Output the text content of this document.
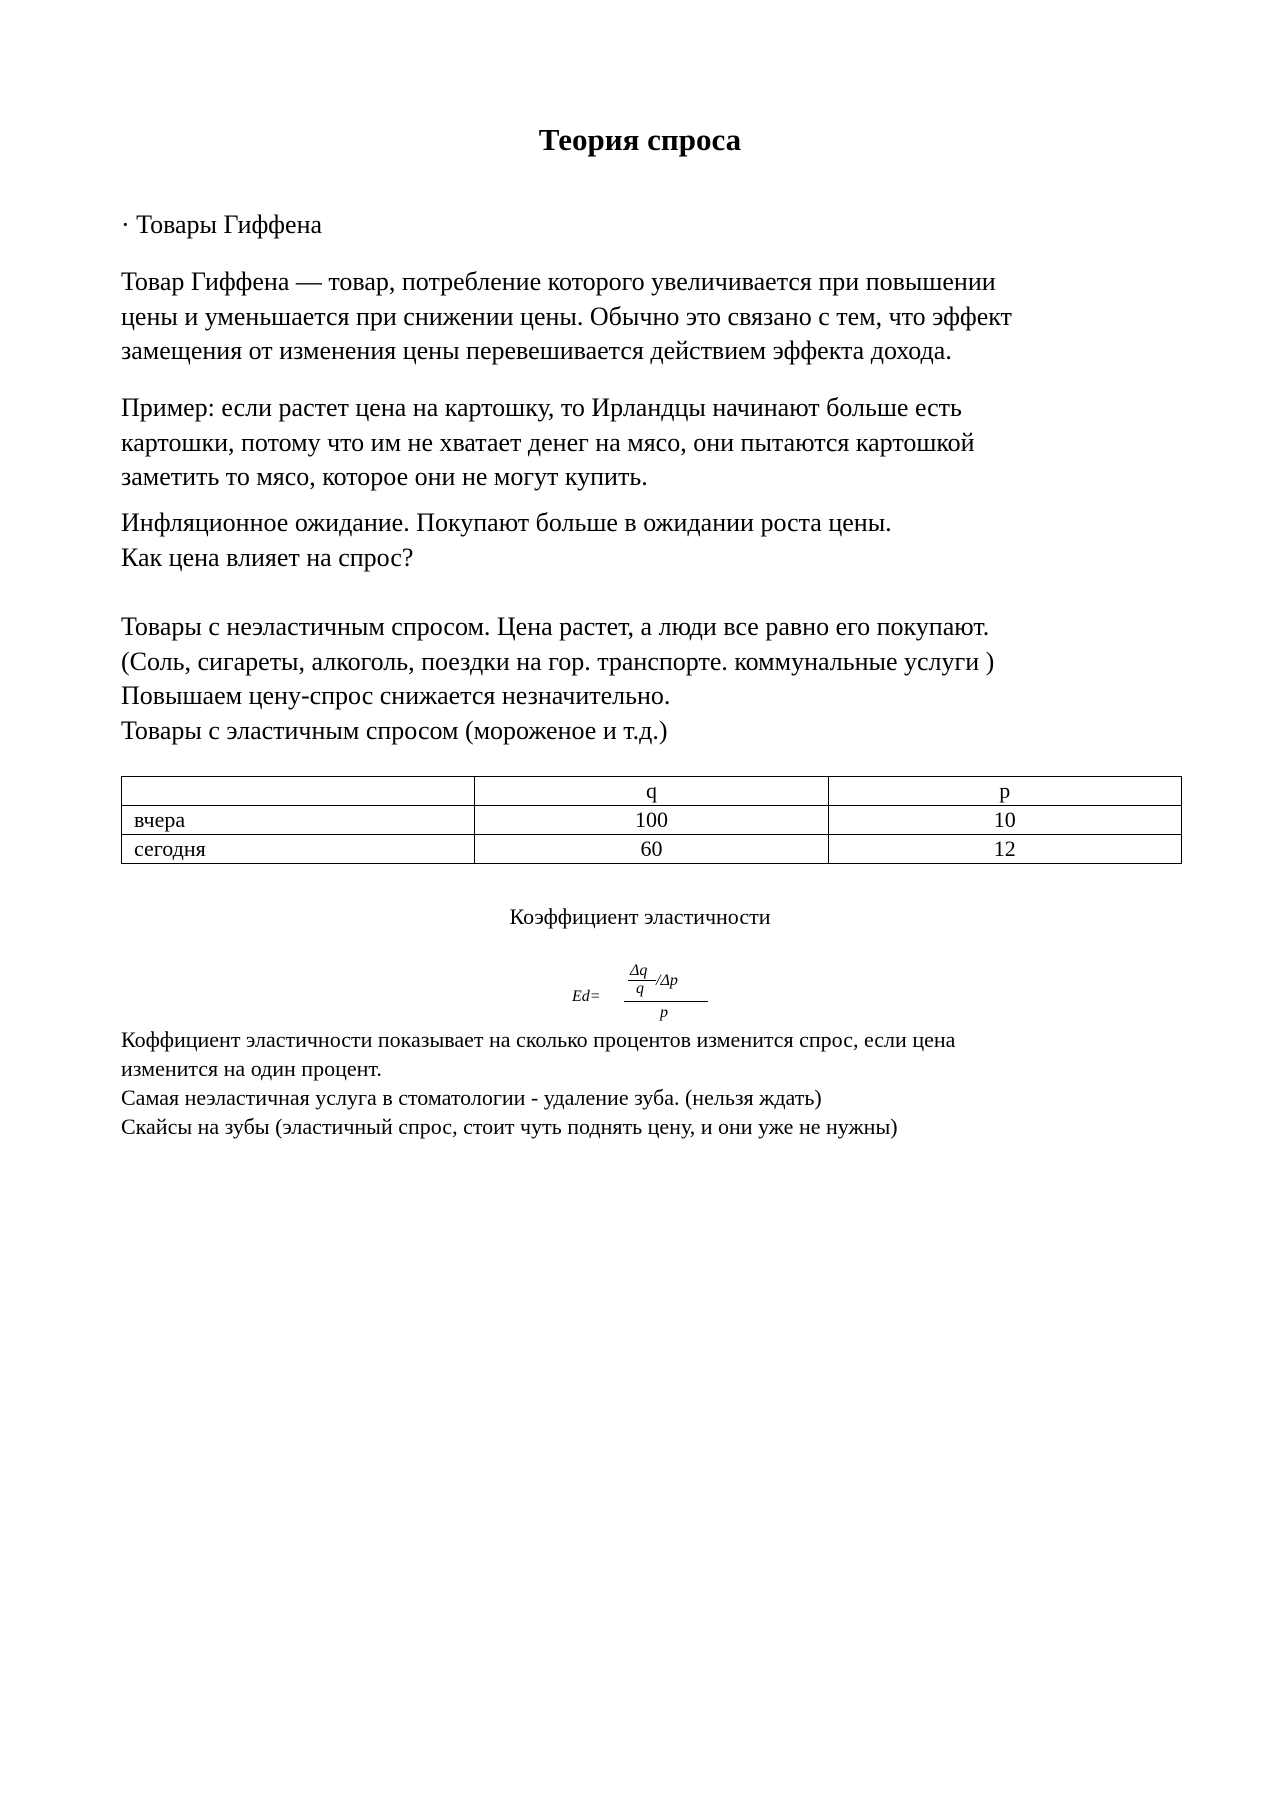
Теория спроса
· Товары Гиффена
Товар Гиффена — товар, потребление которого увеличивается при повышении
цены и уменьшается при снижении цены. Обычно это связано с тем, что эффект
замещения от изменения цены перевешивается действием эффекта дохода.
Пример: если растет цена на картошку, то Ирландцы начинают больше есть
картошки, потому что им не хватает денег на мясо, они пытаются картошкой
заметить то мясо, которое они не могут купить.
Инфляционное ожидание. Покупают больше в ожидании роста цены.
Как цена влияет на спрос?
Товары с неэластичным спросом. Цена растет, а люди все равно его покупают.
(Соль, сигареты, алкоголь, поездки на гор. транспорте. коммунальные услуги )
Повышаем цену-спрос снижается незначительно.
Товары с эластичным спросом (мороженое и т.д.)
	q	p
вчера	100	10
сегодня	60	12
Коэффициент эластичности
Ed=
Δq
q /Δp
p
Коффициент эластичности показывает на сколько процентов изменится спрос, если цена
изменится на один процент.
Самая неэластичная услуга в стоматологии - удаление зуба. (нельзя ждать)
Скайсы на зубы (эластичный спрос, стоит чуть поднять цену, и они уже не нужны)
